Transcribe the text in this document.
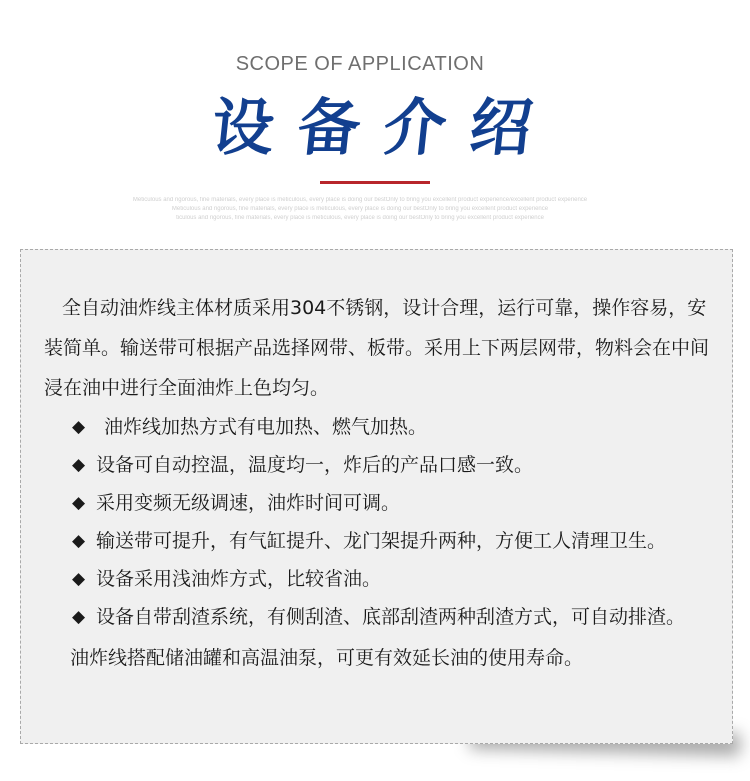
SCOPE OF APPLICATION
设 备 介 绍
Meticulous and rigorous, fine materials, every place is meticulous, every place is doing our bestOnly to bring you excellent product experience/excellent product experience
Meticulous and rigorous, fine materials, every place is meticulous, every place is doing our bestOnly to bring you excellent product experience
ticulous and rigorous, fine materials, every place is meticulous, every place is doing our bestOnly to bring you excellent product experience

全自动油炸线主体材质采用304不锈钢，设计合理，运行可靠，操作容易，安装简单。输送带可根据产品选择网带、板带。采用上下两层网带，物料会在中间浸在油中进行全面油炸上色均匀。

◆ 油炸线加热方式有电加热、燃气加热。
◆ 设备可自动控温，温度均一，炸后的产品口感一致。
◆ 采用变频无级调速，油炸时间可调。
◆ 输送带可提升，有气缸提升、龙门架提升两种，方便工人清理卫生。
◆ 设备采用浅油炸方式，比较省油。
◆ 设备自带刮渣系统，有侧刮渣、底部刮渣两种刮渣方式，可自动排渣。

油炸线搭配储油罐和高温油泵，可更有效延长油的使用寿命。
